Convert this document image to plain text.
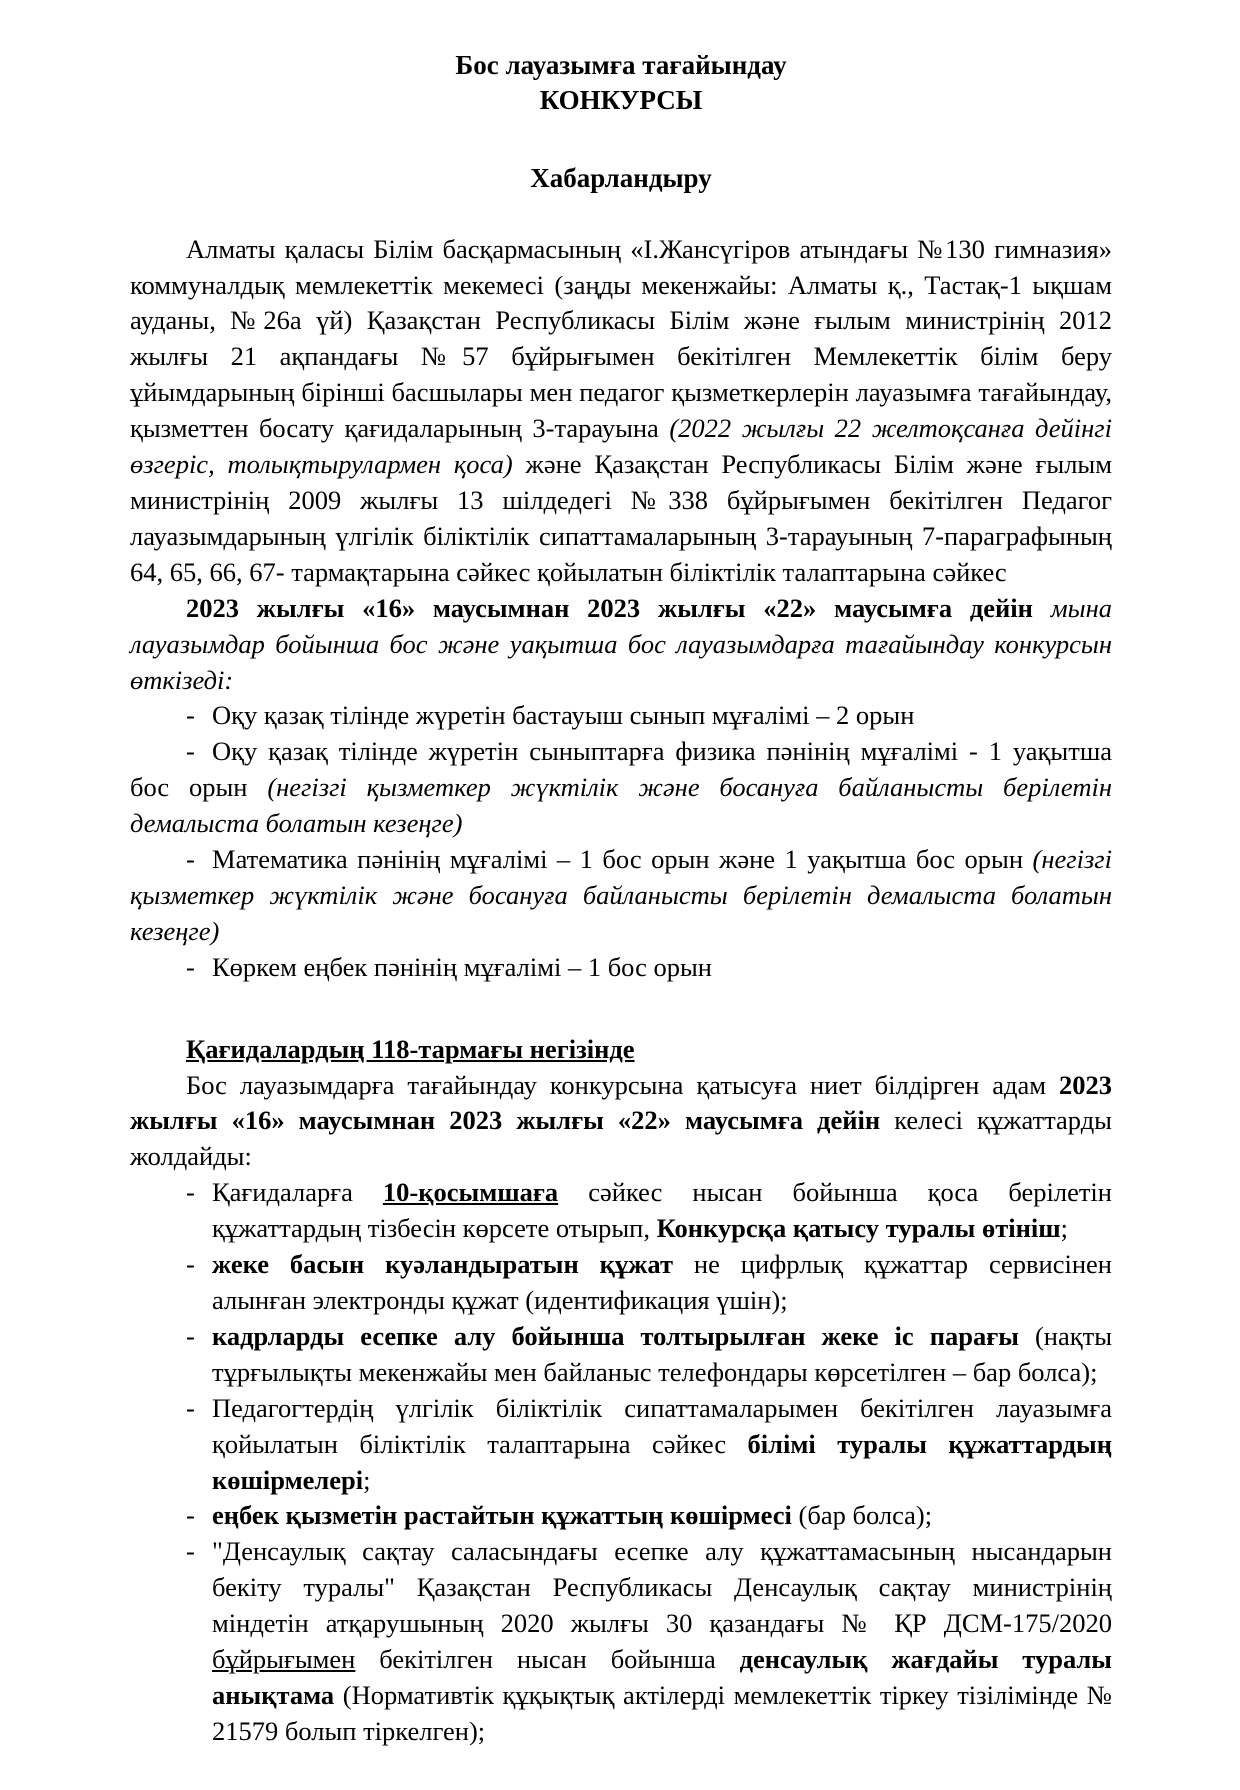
Бос лауазымға тағайындау
КОНКУРСЫ
Хабарландыру

Алматы қаласы Білім басқармасының «І.Жансүгіров атындағы №130 гимназия» коммуналдық мемлекеттік мекемесі (заңды мекенжайы: Алматы қ., Тастақ-1 ықшам ауданы, №26а үй) Қазақстан Республикасы Білім және ғылым министрінің 2012 жылғы 21 ақпандағы №57 бұйрығымен бекітілген Мемлекеттік білім беру ұйымдарының бірінші басшылары мен педагог қызметкерлерін лауазымға тағайындау, қызметтен босату қағидаларының 3-тарауына (2022 жылғы 22 желтоқсанға дейінгі өзгеріс, толықтырулармен қоса) және Қазақстан Республикасы Білім және ғылым министрінің 2009 жылғы 13 шілдедегі №338 бұйрығымен бекітілген Педагог лауазымдарының үлгілік біліктілік сипаттамаларының 3-тарауының 7-параграфының 64, 65, 66, 67- тармақтарына сәйкес қойылатын біліктілік талаптарына сәйкес

2023 жылғы «16» маусымнан 2023 жылғы «22» маусымға дейін мына лауазымдар бойынша бос және уақытша бос лауазымдарға тағайындау конкурсын өткізеді:

- Оқу қазақ тілінде жүретін бастауыш сынып мұғалімі – 2 орын
- Оқу қазақ тілінде жүретін сыныптарға физика пәнінің мұғалімі - 1 уақытша бос орын (негізгі қызметкер жүктілік және босануға байланысты берілетін демалыста болатын кезеңге)
- Математика пәнінің мұғалімі – 1 бос орын және 1 уақытша бос орын (негізгі қызметкер жүктілік және босануға байланысты берілетін демалыста болатын кезеңге)
- Көркем еңбек пәнінің мұғалімі – 1 бос орын
Қағидалардың 118-тармағы негізінде

Бос лауазымдарға тағайындау конкурсына қатысуға ниет білдірген адам 2023 жылғы «16» маусымнан 2023 жылғы «22» маусымға дейін келесі құжаттарды жолдайды:

- Қағидаларға 10-қосымшаға сәйкес нысан бойынша қоса берілетін құжаттардың тізбесін көрсете отырып, Конкурсқа қатысу туралы өтініш;
- жеке басын куәландыратын құжат не цифрлық құжаттар сервисінен алынған электронды құжат (идентификация үшін);
- кадрларды есепке алу бойынша толтырылған жеке іс парағы (нақты тұрғылықты мекенжайы мен байланыс телефондары көрсетілген – бар болса);
- Педагогтердің үлгілік біліктілік сипаттамаларымен бекітілген лауазымға қойылатын біліктілік талаптарына сәйкес білімі туралы құжаттардың көшірмелері;
- еңбек қызметін растайтын құжаттың көшірмесі (бар болса);
- "Денсаулық сақтау саласындағы есепке алу құжаттамасының нысандарын бекіту туралы" Қазақстан Республикасы Денсаулық сақтау министрінің міндетін атқарушының 2020 жылғы 30 қазандағы № ҚР ДСМ-175/2020 бұйрығымен бекітілген нысан бойынша денсаулық жағдайы туралы анықтама (Нормативтік құқықтық актілерді мемлекеттік тіркеу тізілімінде № 21579 болып тіркелген);
